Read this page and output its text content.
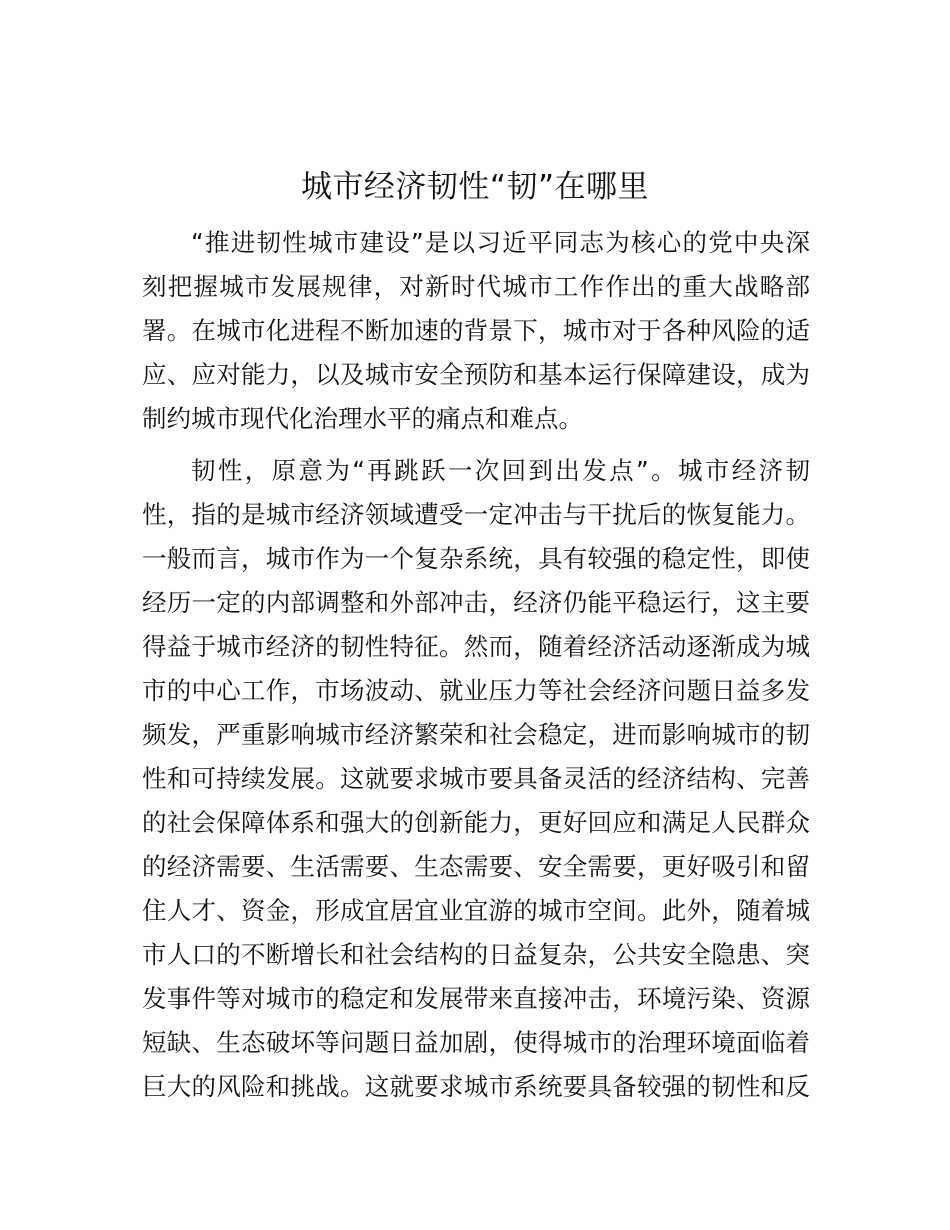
城市经济韧性“韧”在哪里

“推进韧性城市建设”是以习近平同志为核心的党中央深

刻把握城市发展规律，对新时代城市工作作出的重大战略部

署。在城市化进程不断加速的背景下，城市对于各种风险的适

应、应对能力，以及城市安全预防和基本运行保障建设，成为

制约城市现代化治理水平的痛点和难点。

韧性，原意为“再跳跃一次回到出发点”。城市经济韧

性，指的是城市经济领域遭受一定冲击与干扰后的恢复能力。

一般而言，城市作为一个复杂系统，具有较强的稳定性，即使

经历一定的内部调整和外部冲击，经济仍能平稳运行，这主要

得益于城市经济的韧性特征。然而，随着经济活动逐渐成为城

市的中心工作，市场波动、就业压力等社会经济问题日益多发

频发，严重影响城市经济繁荣和社会稳定，进而影响城市的韧

性和可持续发展。这就要求城市要具备灵活的经济结构、完善

的社会保障体系和强大的创新能力，更好回应和满足人民群众

的经济需要、生活需要、生态需要、安全需要，更好吸引和留

住人才、资金，形成宜居宜业宜游的城市空间。此外，随着城

市人口的不断增长和社会结构的日益复杂，公共安全隐患、突

发事件等对城市的稳定和发展带来直接冲击，环境污染、资源

短缺、生态破坏等问题日益加剧，使得城市的治理环境面临着

巨大的风险和挑战。这就要求城市系统要具备较强的韧性和反
